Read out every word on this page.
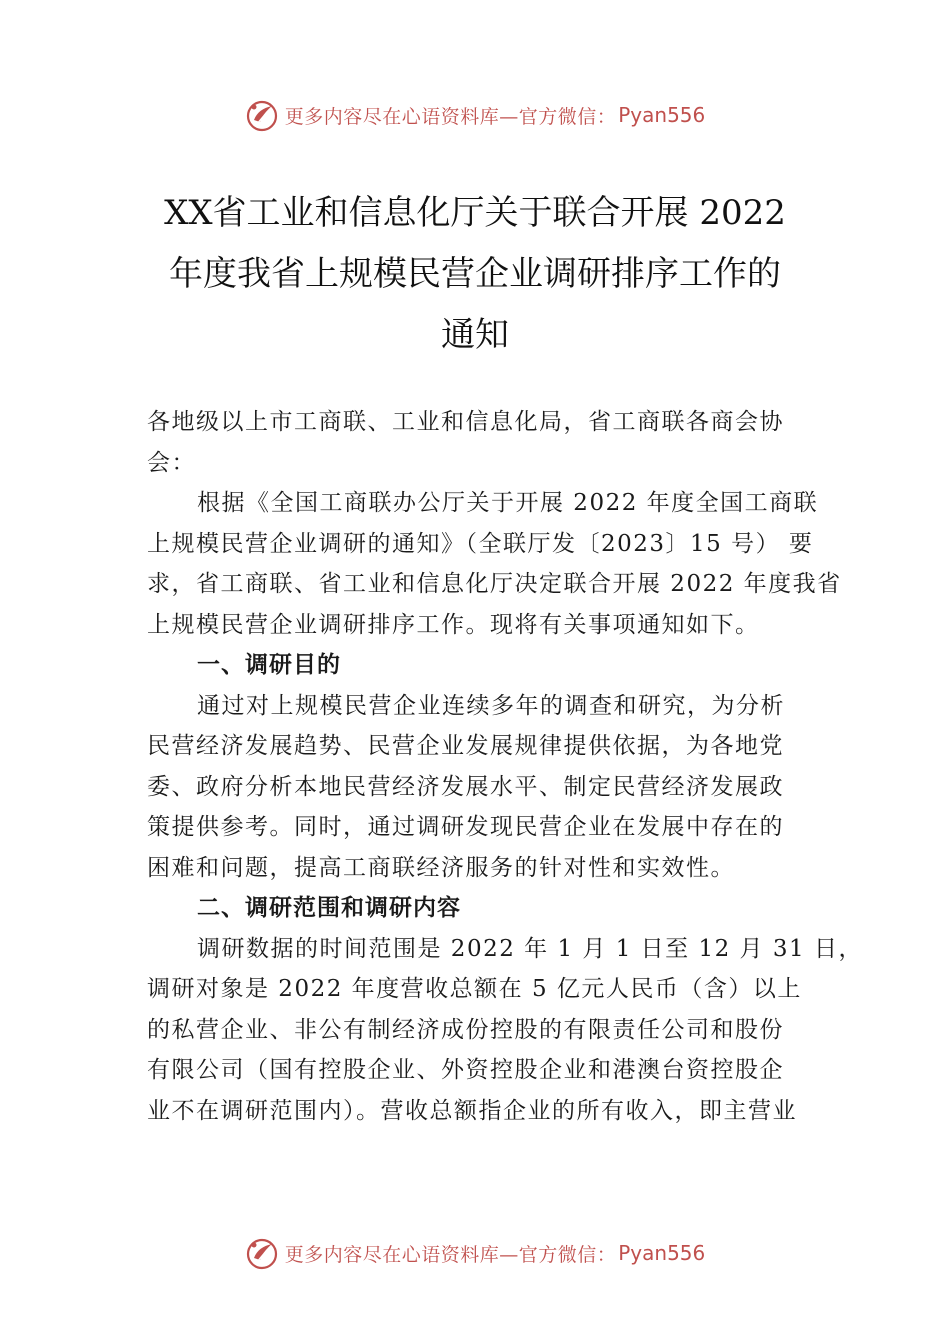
更多内容尽在心语资料库—官方微信： Pyan556
XX省工业和信息化厅关于联合开展 2022
年度我省上规模民营企业调研排序工作的
通知
各地级以上市工商联、工业和信息化局，省工商联各商会协
会：
根据《全国工商联办公厅关于开展 2022 年度全国工商联
上规模民营企业调研的通知》（全联厅发〔2023〕15 号） 要
求，省工商联、省工业和信息化厅决定联合开展 2022 年度我省
上规模民营企业调研排序工作。现将有关事项通知如下。
一、调研目的
通过对上规模民营企业连续多年的调查和研究，为分析
民营经济发展趋势、民营企业发展规律提供依据，为各地党
委、政府分析本地民营经济发展水平、制定民营经济发展政
策提供参考。同时，通过调研发现民营企业在发展中存在的
困难和问题，提高工商联经济服务的针对性和实效性。
二、调研范围和调研内容
调研数据的时间范围是 2022 年 1 月 1 日至 12 月 31 日，
调研对象是 2022 年度营收总额在 5 亿元人民币（含）以上
的私营企业、非公有制经济成份控股的有限责任公司和股份
有限公司（国有控股企业、外资控股企业和港澳台资控股企
业不在调研范围内）。营收总额指企业的所有收入，即主营业
更多内容尽在心语资料库—官方微信： Pyan556
